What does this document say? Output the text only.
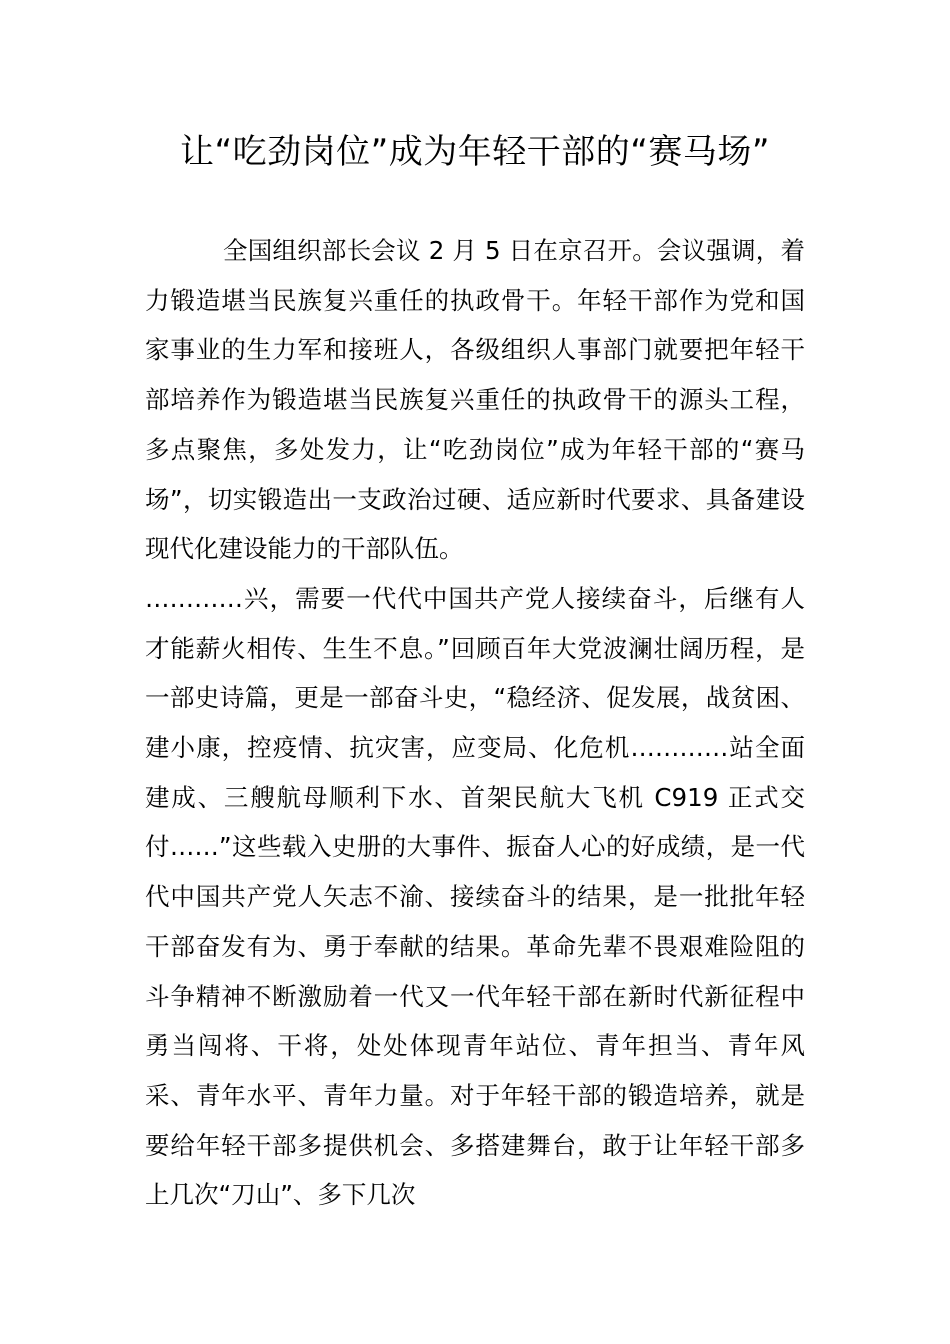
让“吃劲岗位”成为年轻干部的“赛马场”

全国组织部长会议 2 月 5 日在京召开。会议强调，着力锻造堪当民族复兴重任的执政骨干。年轻干部作为党和国家事业的生力军和接班人，各级组织人事部门就要把年轻干部培养作为锻造堪当民族复兴重任的执政骨干的源头工程，多点聚焦，多处发力，让“吃劲岗位”成为年轻干部的“赛马场”，切实锻造出一支政治过硬、适应新时代要求、具备建设现代化建设能力的干部队伍。

…………兴，需要一代代中国共产党人接续奋斗，后继有人才能薪火相传、生生不息。”回顾百年大党波澜壮阔历程，是一部史诗篇，更是一部奋斗史，“稳经济、促发展，战贫困、建小康，控疫情、抗灾害，应变局、化危机…………站全面建成、三艘航母顺利下水、首架民航大飞机 C919 正式交付……”这些载入史册的大事件、振奋人心的好成绩，是一代代中国共产党人矢志不渝、接续奋斗的结果，是一批批年轻干部奋发有为、勇于奉献的结果。革命先辈不畏艰难险阻的斗争精神不断激励着一代又一代年轻干部在新时代新征程中勇当闯将、干将，处处体现青年站位、青年担当、青年风采、青年水平、青年力量。对于年轻干部的锻造培养，就是要给年轻干部多提供机会、多搭建舞台，敢于让年轻干部多上几次“刀山”、多下几次
